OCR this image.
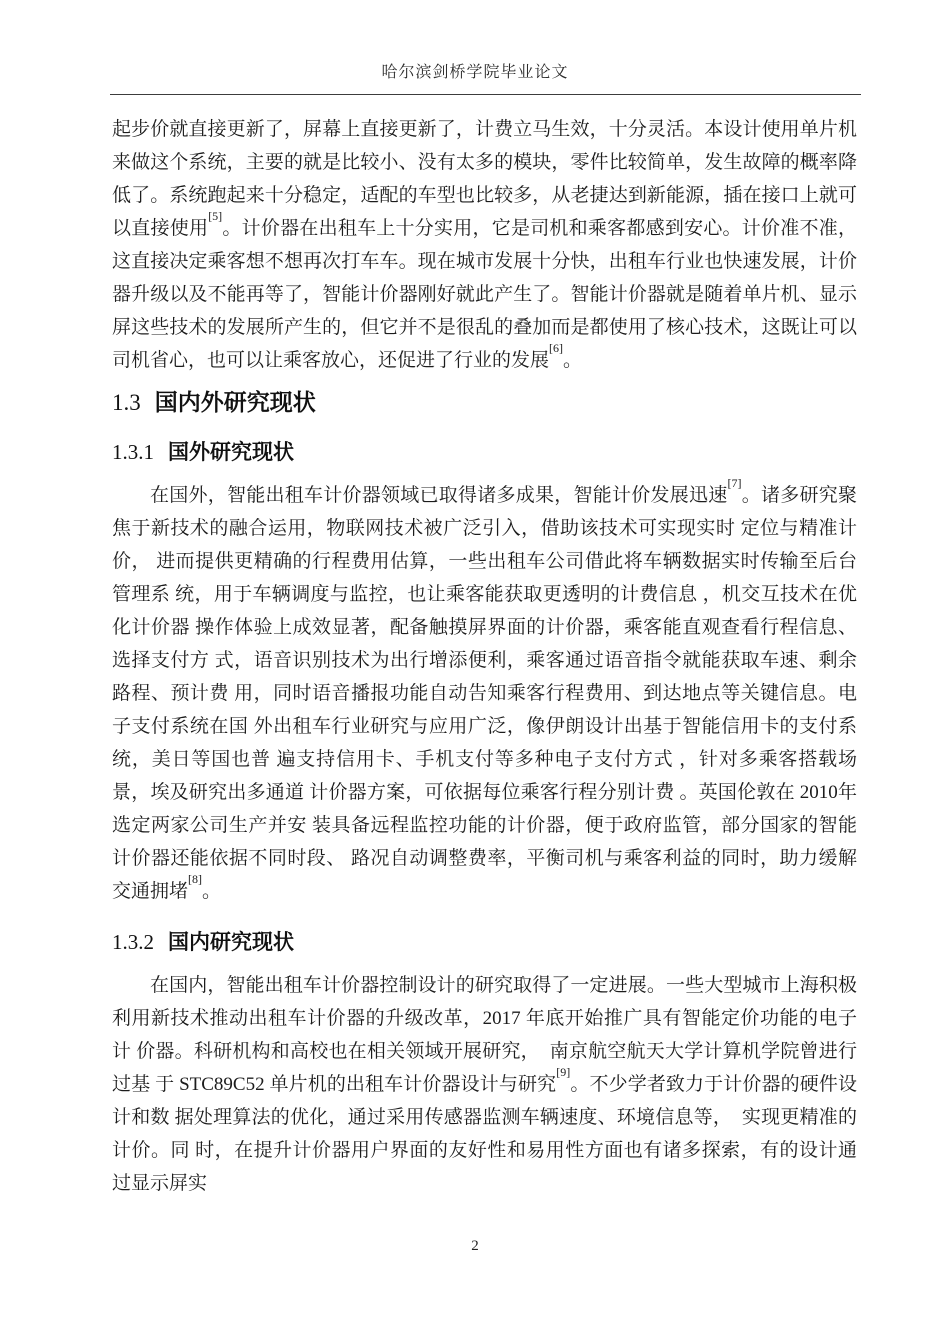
哈尔滨剑桥学院毕业论文

起步价就直接更新了，屏幕上直接更新了，计费立马生效，十分灵活。本设计使用单片机来做这个系统，主要的就是比较小、没有太多的模块，零件比较简单，发生故障的概率降低了。系统跑起来十分稳定，适配的车型也比较多，从老捷达到新能源，插在接口上就可以直接使用[5]。计价器在出租车上十分实用，它是司机和乘客都感到安心。计价准不准，这直接决定乘客想不想再次打车车。现在城市发展十分快，出租车行业也快速发展，计价器升级以及不能再等了，智能计价器刚好就此产生了。智能计价器就是随着单片机、显示屏这些技术的发展所产生的，但它并不是很乱的叠加而是都使用了核心技术，这既让可以司机省心，也可以让乘客放心，还促进了行业的发展[6]。

1.3 国内外研究现状
1.3.1 国外研究现状

在国外，智能出租车计价器领域已取得诸多成果，智能计价发展迅速[7]。诸多研究聚焦于新技术的融合运用，物联网技术被广泛引入，借助该技术可实现实时 定位与精准计价， 进而提供更精确的行程费用估算，一些出租车公司借此将车辆数据实时传输至后台管理系 统，用于车辆调度与监控，也让乘客能获取更透明的计费信息 ，机交互技术在优化计价器 操作体验上成效显著，配备触摸屏界面的计价器，乘客能直观查看行程信息、选择支付方 式，语音识别技术为出行增添便利，乘客通过语音指令就能获取车速、剩余路程、预计费 用，同时语音播报功能自动告知乘客行程费用、到达地点等关键信息。电子支付系统在国 外出租车行业研究与应用广泛，像伊朗设计出基于智能信用卡的支付系统，美日等国也普 遍支持信用卡、手机支付等多种电子支付方式 ，针对多乘客搭载场景，埃及研究出多通道 计价器方案，可依据每位乘客行程分别计费 。英国伦敦在 2010年选定两家公司生产并安 装具备远程监控功能的计价器，便于政府监管，部分国家的智能计价器还能依据不同时段、 路况自动调整费率，平衡司机与乘客利益的同时，助力缓解交通拥堵[8]。

1.3.2 国内研究现状

在国内，智能出租车计价器控制设计的研究取得了一定进展。一些大型城市上海积极利用新技术推动出租车计价器的升级改革，2017 年底开始推广具有智能定价功能的电子计 价器。科研机构和高校也在相关领域开展研究，　南京航空航天大学计算机学院曾进行过基 于 STC89C52 单片机的出租车计价器设计与研究[9]。不少学者致力于计价器的硬件设计和数 据处理算法的优化，通过采用传感器监测车辆速度、环境信息等，　实现更精准的计价。同 时，在提升计价器用户界面的友好性和易用性方面也有诸多探索，有的设计通过显示屏实

2
